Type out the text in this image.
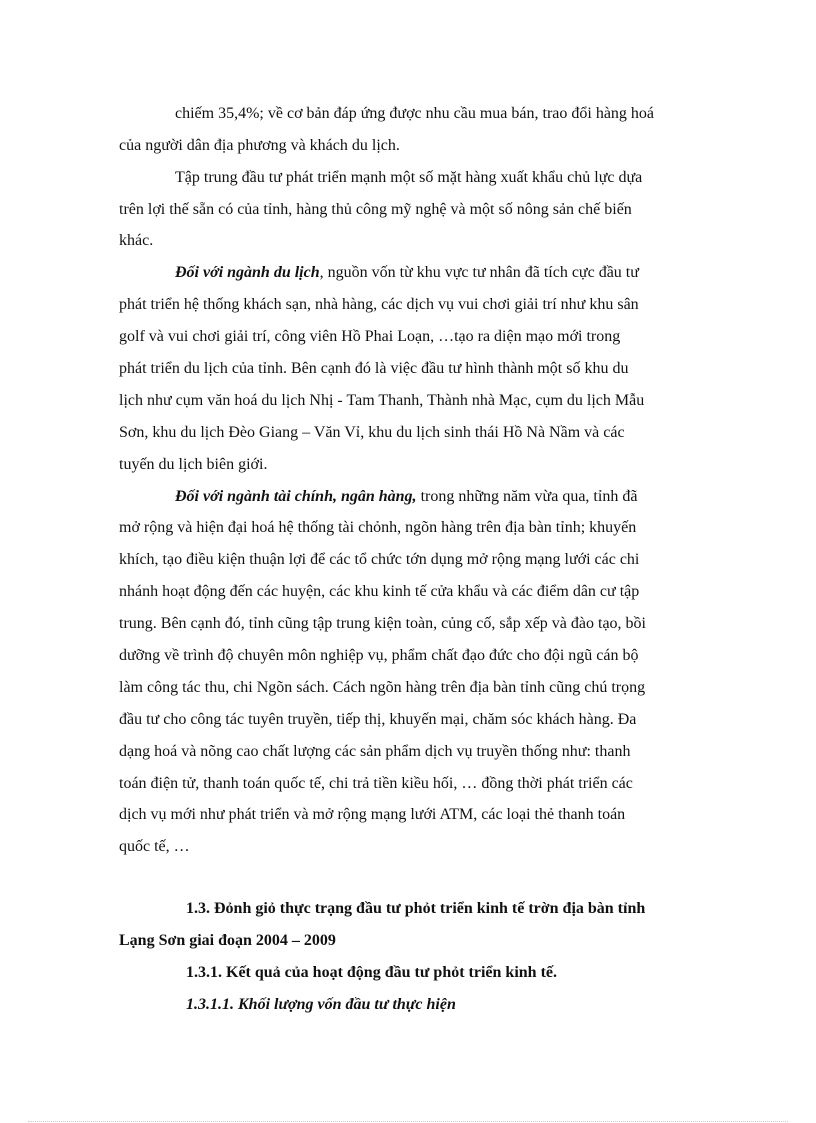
chiếm 35,4%; về cơ bản đáp ứng được nhu cầu mua bán, trao đổi hàng hoá
của người dân địa phương và khách du lịch.
Tập trung đầu tư phát triển mạnh một số mặt hàng xuất khẩu chủ lực dựa
trên lợi thế sẵn có của tỉnh, hàng thủ công mỹ nghệ và một số nông sản chế biến
khác.
Đối với ngành du lịch, nguồn vốn từ khu vực tư nhân đã tích cực đầu tư
phát triển hệ thống khách sạn, nhà hàng, các dịch vụ vui chơi giải trí như khu sân
golf và vui chơi giải trí, công viên Hồ Phai Loạn, …tạo ra diện mạo mới trong
phát triển du lịch của tỉnh. Bên cạnh đó là việc đầu tư hình thành một số khu du
lịch như cụm văn hoá du lịch Nhị - Tam Thanh, Thành nhà Mạc, cụm du lịch Mẫu
Sơn, khu du lịch Đèo Giang – Văn Vỉ, khu du lịch sinh thái Hồ Nà Nầm và các
tuyến du lịch biên giới.
Đối với ngành tài chính, ngân hàng, trong những năm vừa qua, tỉnh đã
mở rộng và hiện đại hoá hệ thống tài chỏnh, ngõn hàng trên địa bàn tỉnh; khuyến
khích, tạo điều kiện thuận lợi để các tổ chức tớn dụng mở rộng mạng lưới các chi
nhánh hoạt động đến các huyện, các khu kinh tế cửa khẩu và các điểm dân cư tập
trung. Bên cạnh đó, tỉnh cũng tập trung kiện toàn, củng cố, sắp xếp và đào tạo, bồi
dưỡng về trình độ chuyên môn nghiệp vụ, phẩm chất đạo đức cho đội ngũ cán bộ
làm công tác thu, chi Ngõn sách. Cách ngõn hàng trên địa bàn tỉnh cũng chú trọng
đầu tư cho công tác tuyên truyền, tiếp thị, khuyến mại, chăm sóc khách hàng. Đa
dạng hoá và nõng cao chất lượng các sản phẩm dịch vụ truyền thống như: thanh
toán điện tử, thanh toán quốc tế, chi trả tiền kiều hối, … đồng thời phát triển các
dịch vụ mới như phát triển và mở rộng mạng lưới ATM, các loại thẻ thanh toán
quốc tế, …
1.3. Đỏnh giỏ thực trạng đầu tư phỏt triển kinh tế trờn địa bàn tỉnh
Lạng Sơn giai đoạn 2004 – 2009
1.3.1. Kết quả của hoạt động đầu tư phỏt triển kinh tế.
1.3.1.1. Khối lượng vốn đầu tư thực hiện
